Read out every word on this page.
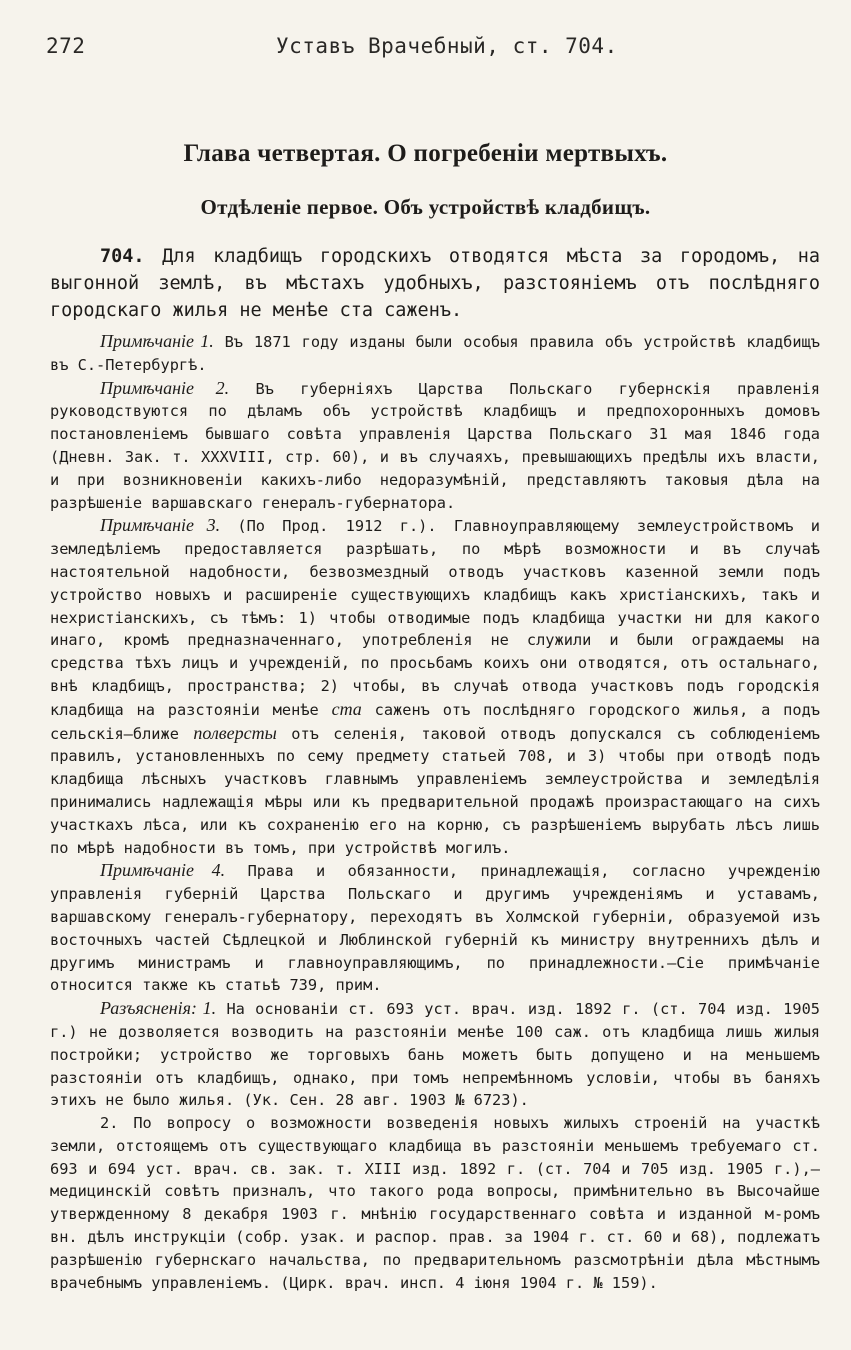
272	Уставъ Врачебный, ст. 704.
Глава четвертая. О погребеніи мертвыхъ.
Отдѣленіе первое. Объ устройствѣ кладбищъ.

704. Для кладбищъ городскихъ отводятся мѣста за городомъ, на выгонной землѣ, въ мѣстахъ удобныхъ, разстояніемъ отъ послѣдняго городскаго жилья не менѣе ста саженъ.

Примѣчаніе 1. Въ 1871 году изданы были особыя правила объ устройствѣ кладбищъ въ С.-Петербургѣ.

Примѣчаніе 2. Въ губерніяхъ Царства Польскаго губернскія правленія руководствуются по дѣламъ объ устройствѣ кладбищъ и предпохоронныхъ домовъ постановленіемъ бывшаго совѣта управленія Царства Польскаго 31 мая 1846 года (Дневн. Зак. т. XXXVIII, стр. 60), и въ случаяхъ, превышающихъ предѣлы ихъ власти, и при возникновеніи какихъ-либо недоразумѣній, представляютъ таковыя дѣла на разрѣшеніе варшавскаго генералъ-губернатора.

Примѣчаніе 3. (По Прод. 1912 г.). Главноуправляющему землеустройствомъ и земледѣліемъ предоставляется разрѣшать, по мѣрѣ возможности и въ случаѣ настоятельной надобности, безвозмездный отводъ участковъ казенной земли подъ устройство новыхъ и расширеніе существующихъ кладбищъ какъ христіанскихъ, такъ и нехристіанскихъ, съ тѣмъ: 1) чтобы отводимые подъ кладбища участки ни для какого инаго, кромѣ предназначеннаго, употребленія не служили и были ограждаемы на средства тѣхъ лицъ и учрежденій, по просьбамъ коихъ они отводятся, отъ остальнаго, внѣ кладбищъ, пространства; 2) чтобы, въ случаѣ отвода участковъ подъ городскія кладбища на разстояніи менѣе ста саженъ отъ послѣдняго городского жилья, а подъ сельскія—ближе полверсты отъ селенія, таковой отводъ допускался съ соблюденіемъ правилъ, установленныхъ по сему предмету статьей 708, и 3) чтобы при отводѣ подъ кладбища лѣсныхъ участковъ главнымъ управленіемъ землеустройства и земледѣлія принимались надлежащія мѣры или къ предварительной продажѣ произрастающаго на сихъ участкахъ лѣса, или къ сохраненію его на корню, съ разрѣшеніемъ вырубать лѣсъ лишь по мѣрѣ надобности въ томъ, при устройствѣ могилъ.

Примѣчаніе 4. Права и обязанности, принадлежащія, согласно учрежденію управленія губерній Царства Польскаго и другимъ учрежденіямъ и уставамъ, варшавскому генералъ-губернатору, переходятъ въ Холмской губерніи, образуемой изъ восточныхъ частей Сѣдлецкой и Люблинской губерній къ министру внутреннихъ дѣлъ и другимъ министрамъ и главноуправляющимъ, по принадлежности.—Сіе примѣчаніе относится также къ статьѣ 739, прим.

Разъясненія: 1. На основаніи ст. 693 уст. врач. изд. 1892 г. (ст. 704 изд. 1905 г.) не дозволяется возводить на разстояніи менѣе 100 саж. отъ кладбища лишь жилыя постройки; устройство же торговыхъ бань можетъ быть допущено и на меньшемъ разстояніи отъ кладбищъ, однако, при томъ непремѣнномъ условіи, чтобы въ баняхъ этихъ не было жилья. (Ук. Сен. 28 авг. 1903 № 6723).

2. По вопросу о возможности возведенія новыхъ жилыхъ строеній на участкѣ земли, отстоящемъ отъ существующаго кладбища въ разстояніи меньшемъ требуемаго ст. 693 и 694 уст. врач. св. зак. т. XIII изд. 1892 г. (ст. 704 и 705 изд. 1905 г.),—медицинскій совѣтъ призналъ, что такого рода вопросы, примѣнительно въ Высочайше утвержденному 8 декабря 1903 г. мнѣнію государственнаго совѣта и изданной м-ромъ вн. дѣлъ инструкціи (собр. узак. и распор. прав. за 1904 г. ст. 60 и 68), подлежатъ разрѣшенію губернскаго начальства, по предварительномъ разсмотрѣніи дѣла мѣстнымъ врачебнымъ управленіемъ. (Цирк. врач. инсп. 4 іюня 1904 г. № 159).
